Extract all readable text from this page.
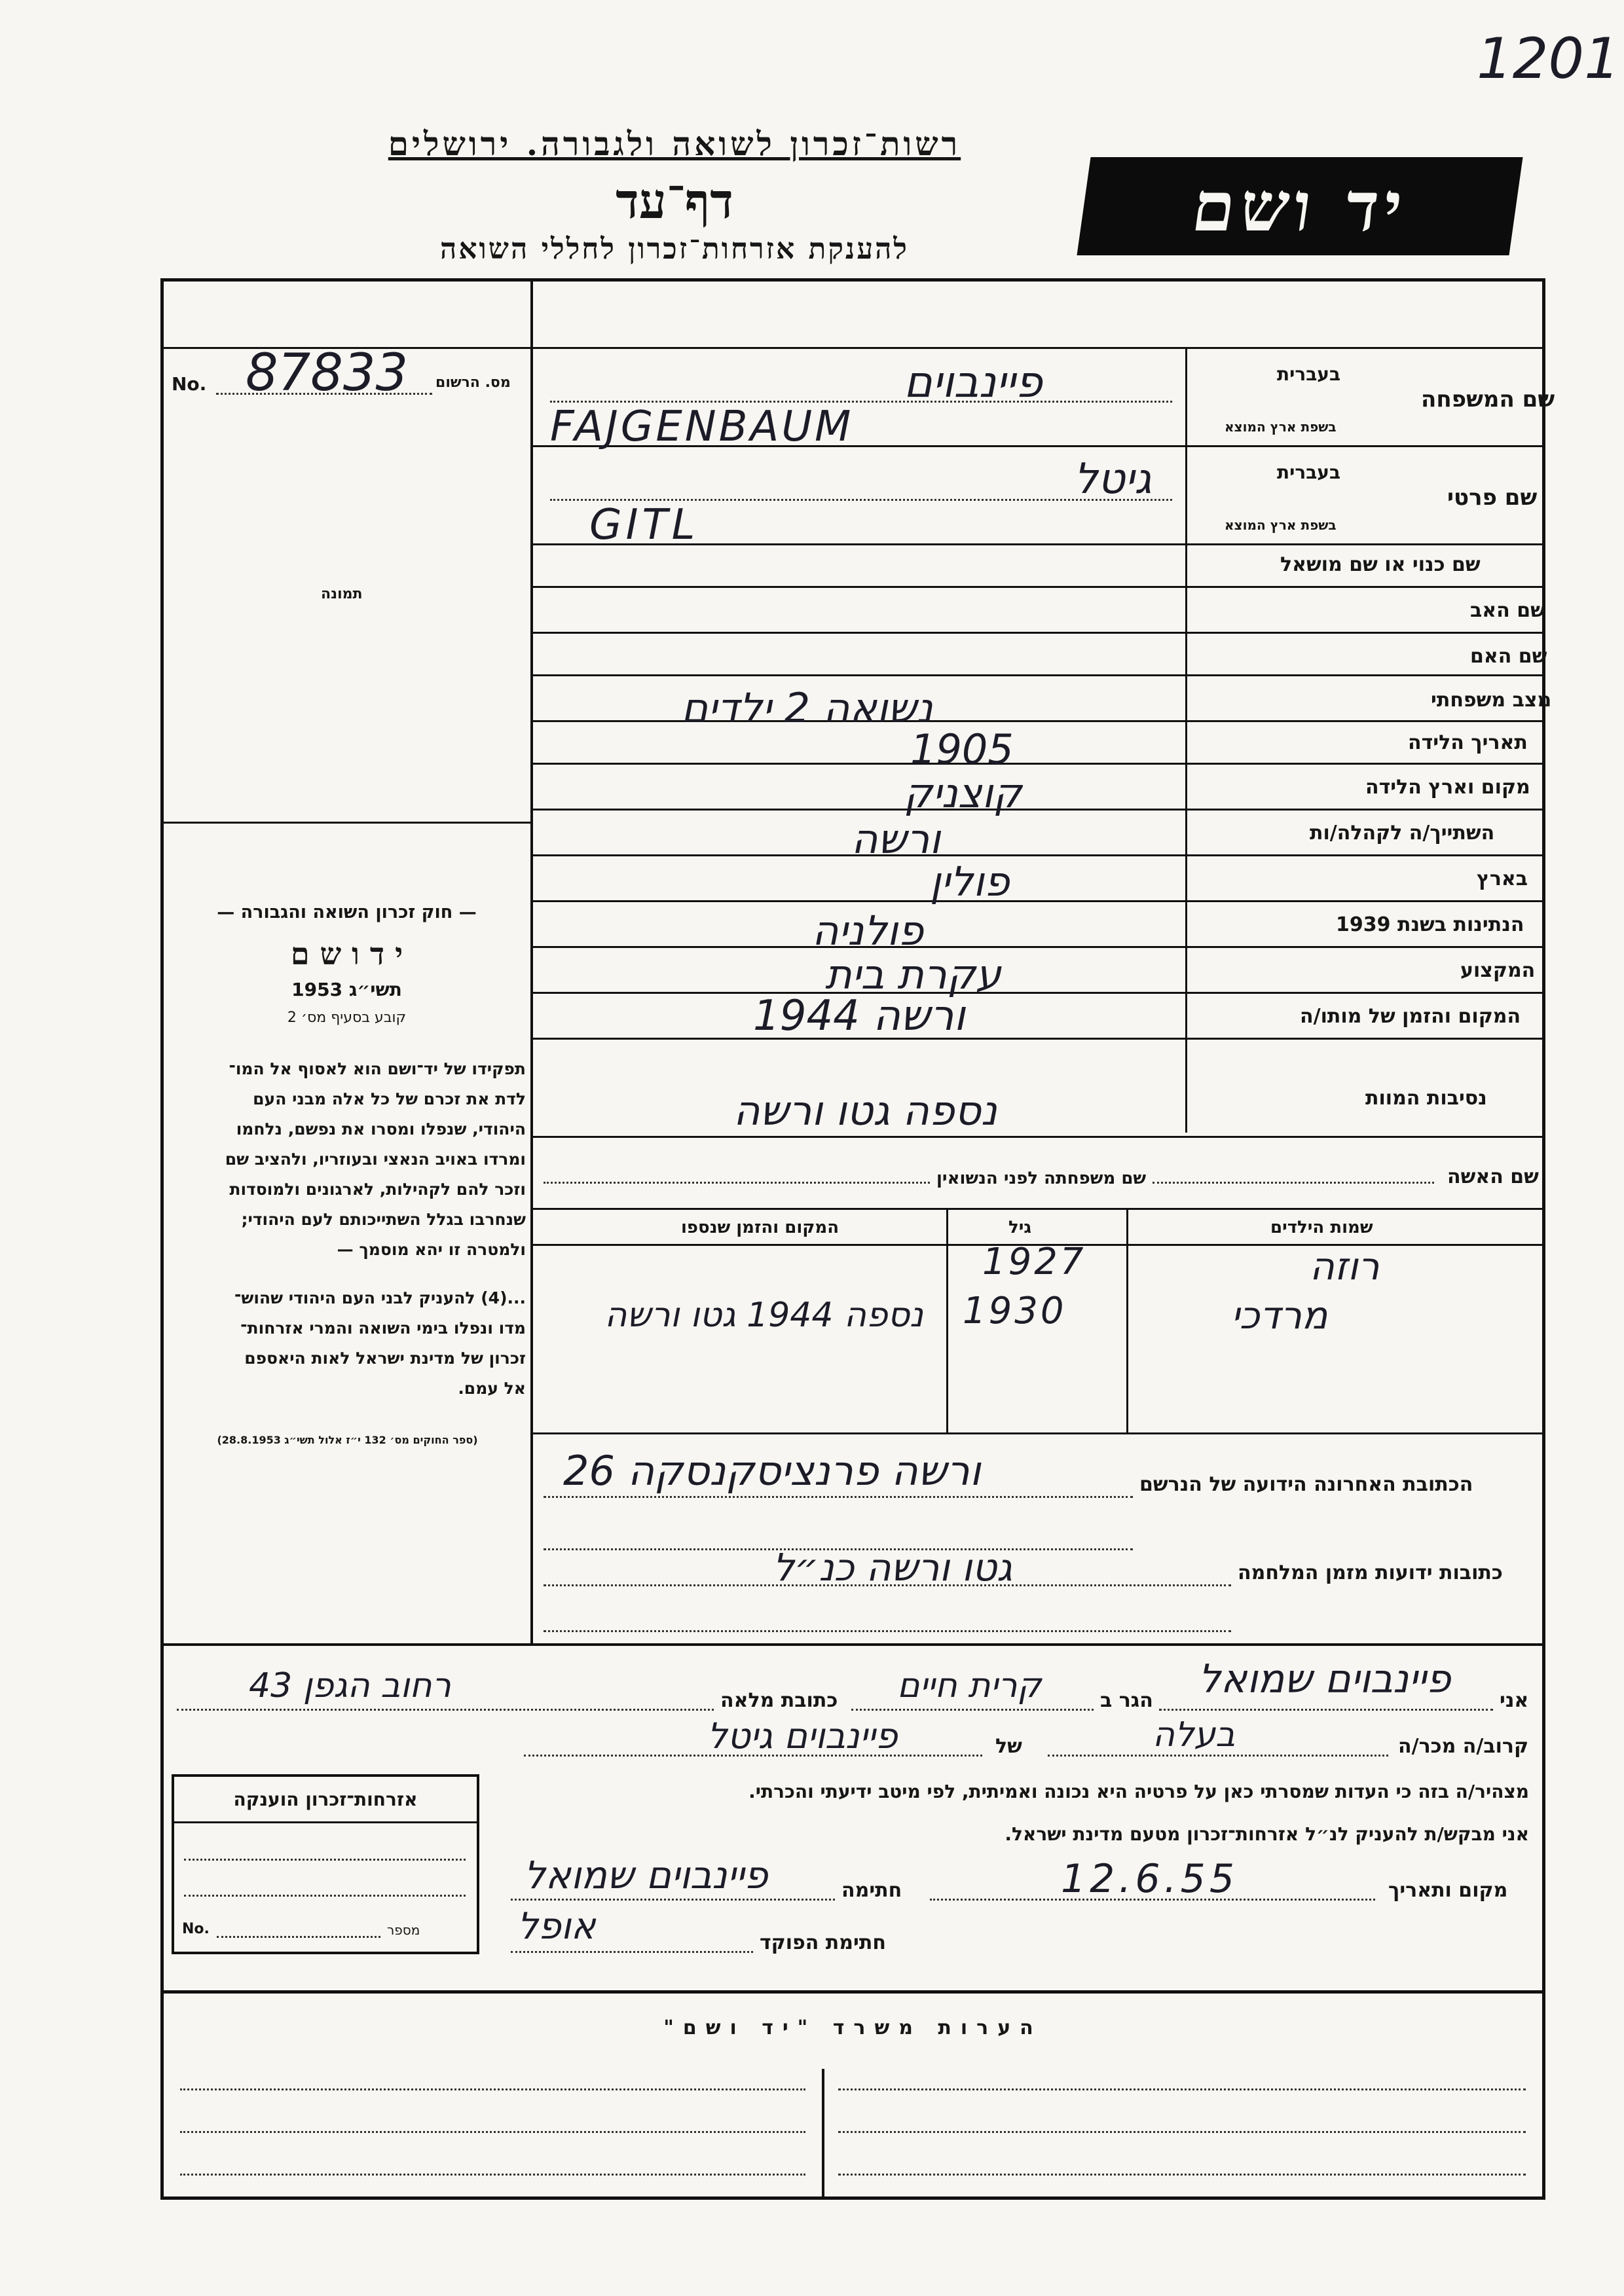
1201
רשות־זכרון לשואה ולגבורה. ירושלים
דף־עד
להענקת אזרחות־זכרון לחללי השואה
יד ושם
No. 87833 מס. הרשום
תמונה
— חוק זכרון השואה והגבורה —
י ד ו ש ם
תשי״ג 1953
קובע בסעיף מס׳ 2
תפקידו של יד־ושם הוא לאסוף אל המו־
לדת את זכרם של כל אלה מבני העם
היהודי, שנפלו ומסרו את נפשם, נלחמו
ומרדו באויב הנאצי ובעוזריו, ולהציב שם
וזכר להם לקהילות, לארגונים ולמוסדות
שנחרבו בגלל השתייכותם לעם היהודי;
ולמטרה זו יהא מוסמך —
...(4) להעניק לבני העם היהודי שהוש־
מדו ונפלו בימי השואה והמרי אזרחות־
זכרון של מדינת ישראל לאות היאספם
אל עמם.
(ספר החוקים מס׳ 132 י״ז אלול תשי״ג 28.8.1953)
בעברית
שם המשפחה
בשפת ארץ המוצא
פיינבוים
FAJGENBAUM
בעברית
שם פרטי
בשפת ארץ המוצא
גיטל
GITL
שם כנוי או שם מושאל
שם האב
שם האם
מצב משפחתי
נשואה 2 ילדים
תאריך הלידה
1905
מקום וארץ הלידה
קוצניק
השתייך/ה לקהלה/ות
ורשה
בארץ
פולין
הנתינות בשנת 1939
פולניה
המקצוע
עקרת בית
המקום והזמן של מותו/ה
ורשה 1944
נסיבות המוות
נספה גטו ורשה
שם האשה
שם משפחתה לפני הנשואין
שמות הילדים
גיל
המקום והזמן שנספו
רוזה
1927
מרדכי
1930
נספה 1944 גטו ורשה
הכתובת האחרונה הידועה של הנרשם
ורשה פרנציסקנסקה 26
כתובות ידועות מזמן המלחמה
גטו ורשה כנ״ל
אני
פיינבוים שמואל
הגר ב
קרית חיים
כתובת מלאה
רחוב הגפן 43
קרוב/ה מכר/ה
בעלה
של
פיינבוים גיטל
מצהיר/ה בזה כי העדות שמסרתי כאן על פרטיה היא נכונה ואמיתית, לפי מיטב ידיעתי והכרתי.
אני מבקש/ת להעניק לנ״ל אזרחות־זכרון מטעם מדינת ישראל.
מקום ותאריך
12.6.55
חתימה
פיינבוים שמואל
חתימת הפוקד
אופל
אזרחות־זכרון הוענקה
No.	מספר
הערות משרד "יד ושם"
